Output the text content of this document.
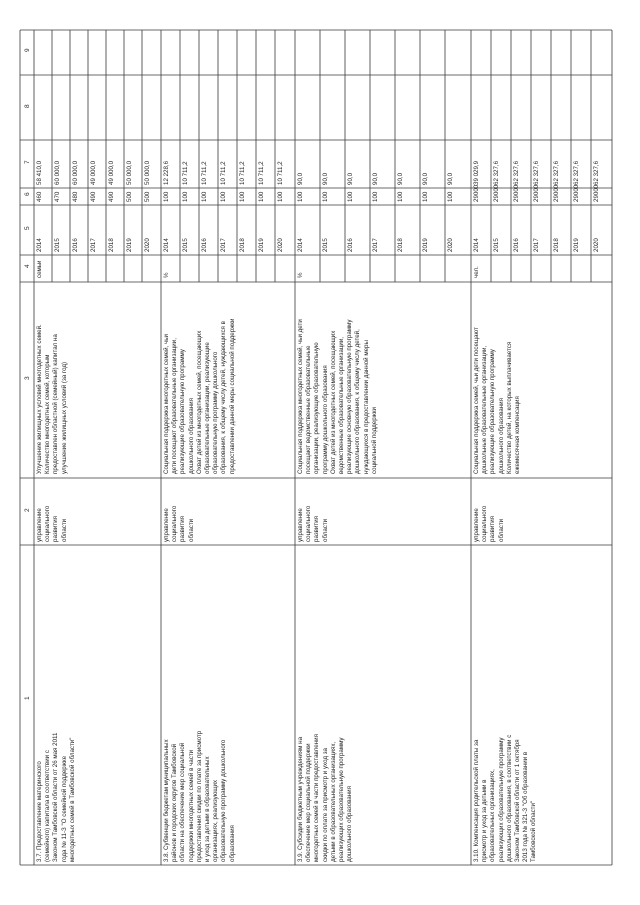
1
2
3
4
5
6
7
8
9
3.7. Предоставление материнского (семейного) капитала в соответствии с Законом Тамбовской области от 26 мая 2011 года № 11-З "О семейной поддержке многодетных семей в Тамбовской области"
управление социального развития области
Улучшение жилищных условий многодетных семей. Количество многодетных семей, которым предоставлен областной (семейный) капитал на улучшение жилищных условий (за год)
семьи
2014
460
58 410,0
2015
470
60 000,0
2016
480
60 000,0
2017
490
49 000,0
2018
490
49 000,0
2019
500
50 000,0
2020
500
50 000,0
3.8. Субвенции бюджетам муниципальных районов и городских округов Тамбовской области на обеспечение мер социальной поддержки многодетных семей в части предоставления скидки по плате за присмотр и уход за детьми в образовательных организациях, реализующих образовательную программу дошкольного образования
управление социального развития области
Социальная поддержка многодетных семей, чьи дети посещают образовательные организации, реализующие образовательную программу дошкольного образования Охват детей из многодетных семей, посещающих образовательные организации, реализующие образовательную программу дошкольного образования, к общему числу детей, нуждающихся в предоставлении данной меры социальной поддержки
%
2014
100
12 228,6
2015
100
10 711,2
2016
100
10 711,2
2017
100
10 711,2
2018
100
10 711,2
2019
100
10 711,2
2020
100
10 711,2
3.9. Субсидии бюджетным учреждениям на обеспечение мер социальной поддержки многодетных семей в части предоставления скидки по оплате за присмотр и уход за детьми в образовательных организациях, реализующих образовательную программу дошкольного образования
управление социального развития области
Социальная поддержка многодетных семей, чьи дети посещают ведомственные образовательные организации, реализующие образовательную программу дошкольного образования Охват детей из многодетных семей, посещающих ведомственные образовательные организации, реализующие основную образовательную программу дошкольного образования, к общему числу детей, нуждающихся в предоставлении данной меры социальной поддержки
%
2014
100
90,0
2015
100
90,0
2016
100
90,0
2017
100
90,0
2018
100
90,0
2019
100
90,0
2020
100
90,0
3.10. Компенсация родительской платы за присмотр и уход за детьми в образовательных организациях, реализующих образовательную программу дошкольного образования, в соответствии с Законом Тамбовской области от 1 октября 2013 года № 321-З "Об образовании в Тамбовской области"
управление социального развития области
Социальная поддержка семей, чьи дети посещают дошкольные образовательные организации, реализующие образовательную программу дошкольного образования Количество детей, на которых выплачивается ежемесячная компенсация
чел.
2014
29000
39 029,9
2015
29000
62 327,6
2016
29000
62 327,6
2017
29000
62 327,6
2018
29000
62 327,6
2019
29000
62 327,6
2020
29000
62 327,6
